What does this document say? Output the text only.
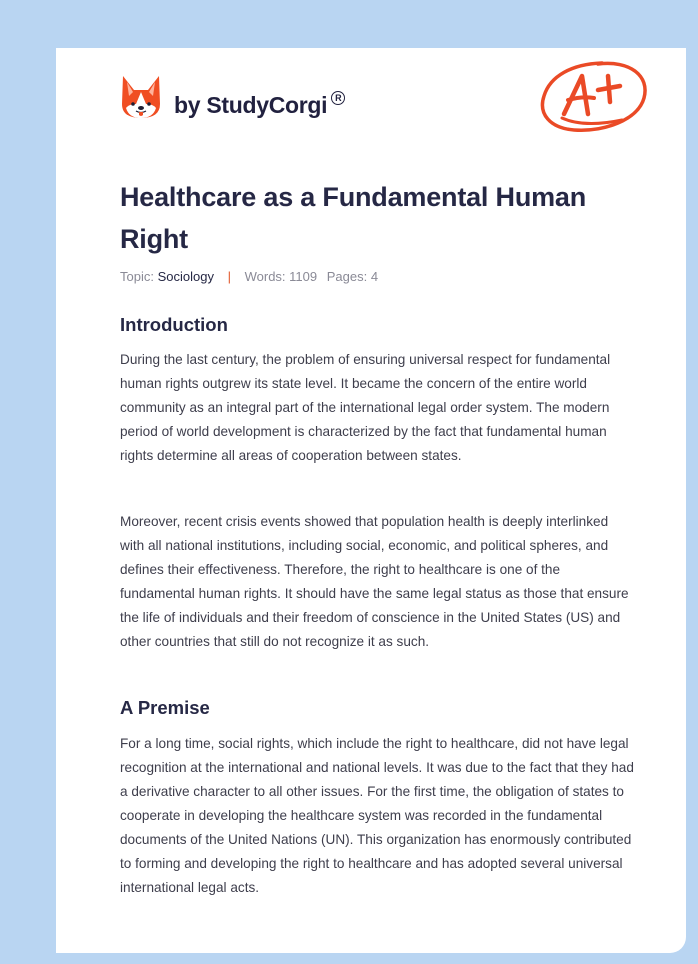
by StudyCorgi R
Healthcare as a Fundamental Human Right
Topic: Sociology | Words: 1109 Pages: 4
Introduction

During the last century, the problem of ensuring universal respect for fundamental human rights outgrew its state level. It became the concern of the entire world community as an integral part of the international legal order system. The modern period of world development is characterized by the fact that fundamental human rights determine all areas of cooperation between states.

Moreover, recent crisis events showed that population health is deeply interlinked with all national institutions, including social, economic, and political spheres, and defines their effectiveness. Therefore, the right to healthcare is one of the fundamental human rights. It should have the same legal status as those that ensure the life of individuals and their freedom of conscience in the United States (US) and other countries that still do not recognize it as such.

A Premise

For a long time, social rights, which include the right to healthcare, did not have legal recognition at the international and national levels. It was due to the fact that they had a derivative character to all other issues. For the first time, the obligation of states to cooperate in developing the healthcare system was recorded in the fundamental documents of the United Nations (UN). This organization has enormously contributed to forming and developing the right to healthcare and has adopted several universal international legal acts.
